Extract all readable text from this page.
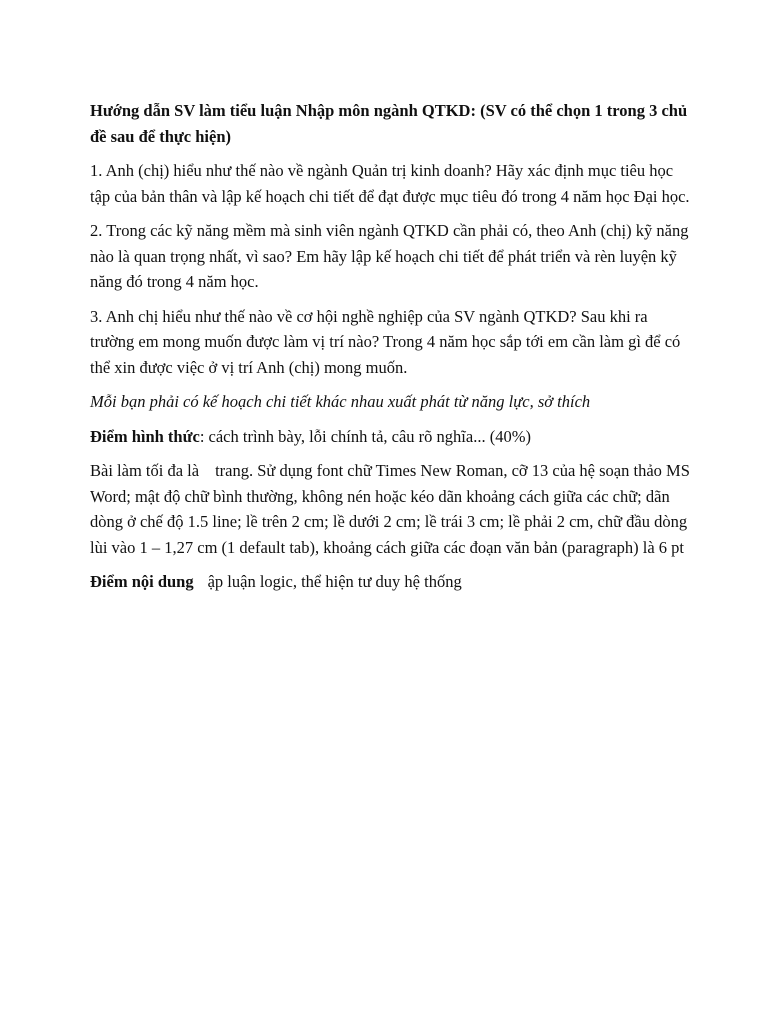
Hướng dẫn SV làm tiểu luận Nhập môn ngành QTKD: (SV có thể chọn 1 trong 3 chủ đề sau để thực hiện)

1. Anh (chị) hiểu như thế nào về ngành Quản trị kinh doanh? Hãy xác định mục tiêu học tập của bản thân và lập kế hoạch chi tiết để đạt được mục tiêu đó trong 4 năm học Đại học.

2. Trong các kỹ năng mềm mà sinh viên ngành QTKD cần phải có, theo Anh (chị) kỹ năng nào là quan trọng nhất, vì sao? Em hãy lập kế hoạch chi tiết để phát triển và rèn luyện kỹ năng đó trong 4 năm học.

3. Anh chị hiểu như thế nào về cơ hội nghề nghiệp của SV ngành QTKD? Sau khi ra trường em mong muốn được làm vị trí nào? Trong 4 năm học sắp tới em cần làm gì để có thể xin được việc ở vị trí Anh (chị) mong muốn.

Mỗi bạn phải có kế hoạch chi tiết khác nhau xuất phát từ năng lực, sở thích

Điểm hình thức: cách trình bày, lỗi chính tả, câu rõ nghĩa... (40%)

Bài làm tối đa là trang. Sử dụng font chữ Times New Roman, cỡ 13 của hệ soạn thảo MS Word; mật độ chữ bình thường, không nén hoặc kéo dãn khoảng cách giữa các chữ; dãn dòng ở chế độ 1.5 line; lề trên 2 cm; lề dưới 2 cm; lề trái 3 cm; lề phải 2 cm, chữ đầu dòng lùi vào 1 – 1,27 cm (1 default tab), khoảng cách giữa các đoạn văn bản (paragraph) là 6 pt

Điểm nội dung ập luận logic, thể hiện tư duy hệ thống
